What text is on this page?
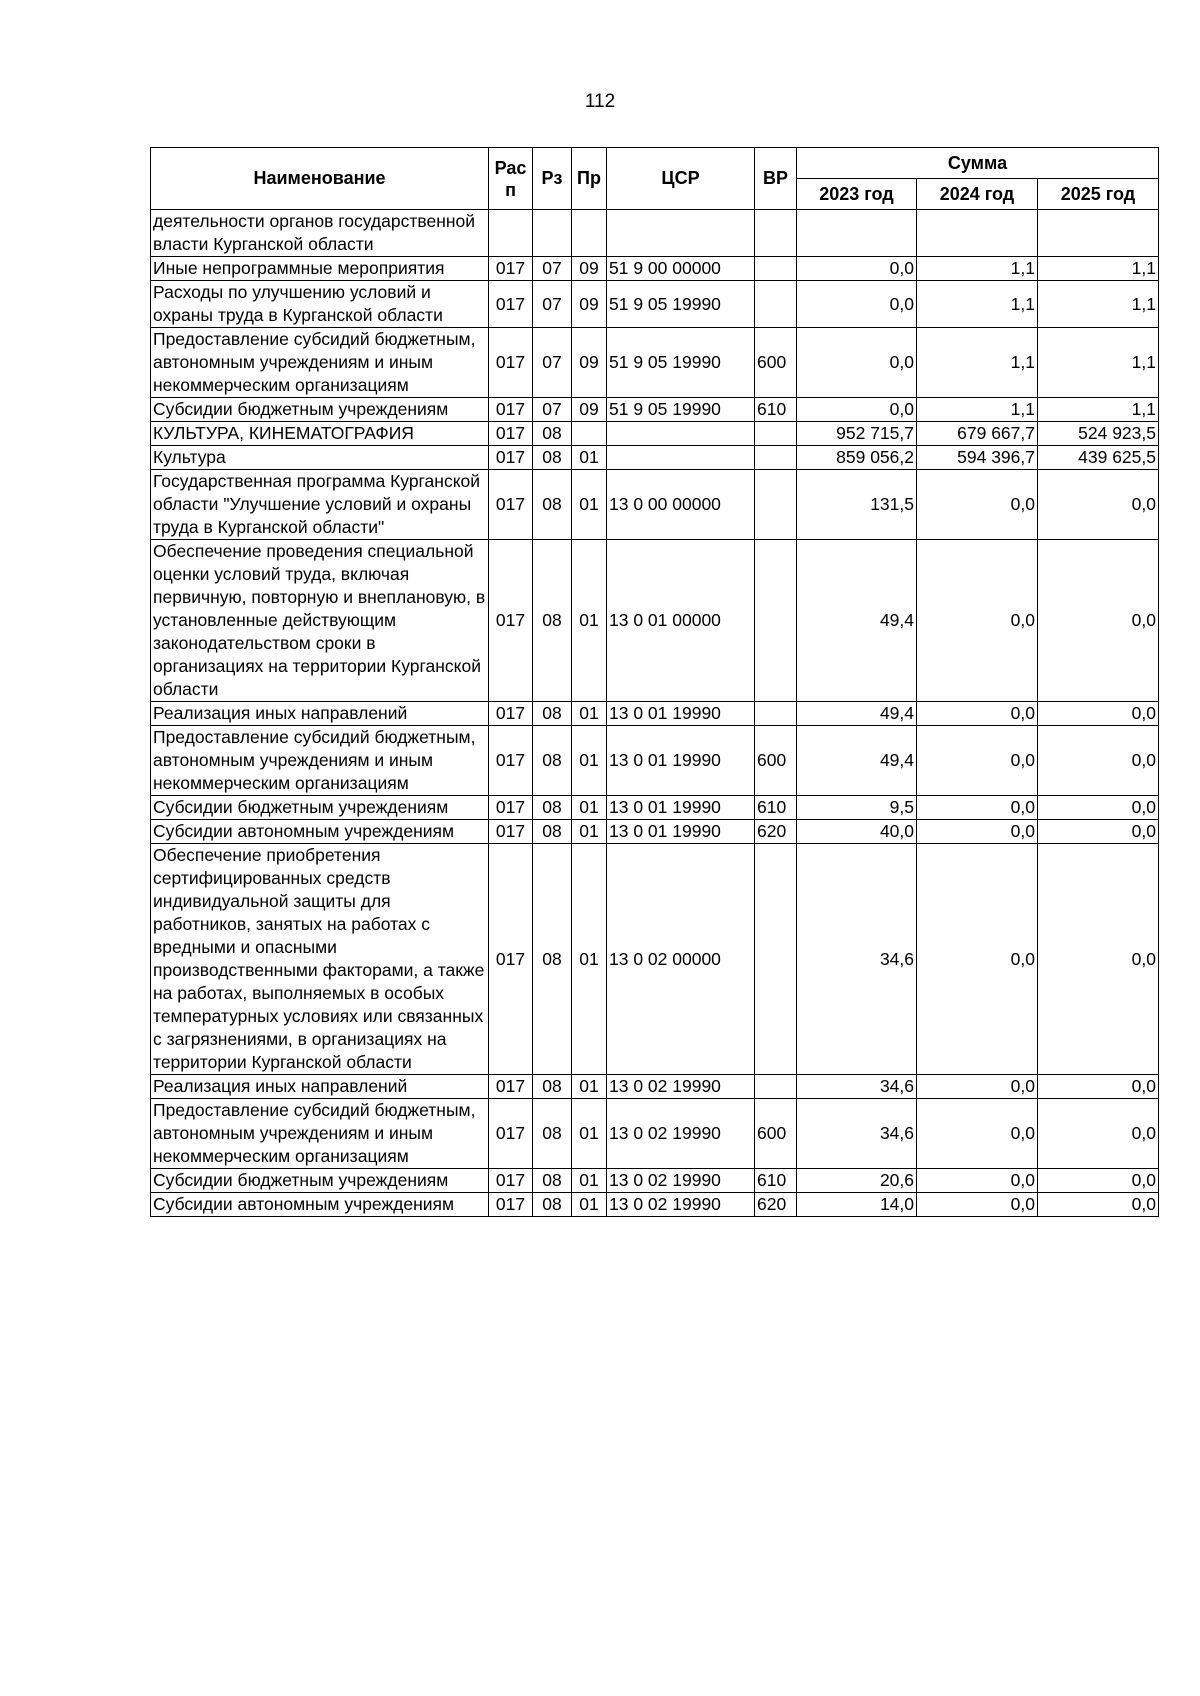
112
Наименование	Рас п	Рз	Пр	ЦСР	ВР	Сумма		
						2023 год	2024 год	2025 год
деятельности органов государственной власти Курганской области								
Иные непрограммные мероприятия	017	07	09	51 9 00 00000		0,0	1,1	1,1
Расходы по улучшению условий и охраны труда в Курганской области	017	07	09	51 9 05 19990		0,0	1,1	1,1
Предоставление субсидий бюджетным, автономным учреждениям и иным некоммерческим организациям	017	07	09	51 9 05 19990	600	0,0	1,1	1,1
Субсидии бюджетным учреждениям	017	07	09	51 9 05 19990	610	0,0	1,1	1,1
КУЛЬТУРА, КИНЕМАТОГРАФИЯ	017	08				952 715,7	679 667,7	524 923,5
Культура	017	08	01			859 056,2	594 396,7	439 625,5
Государственная программа Курганской области "Улучшение условий и охраны труда в Курганской области"	017	08	01	13 0 00 00000		131,5	0,0	0,0
Обеспечение проведения специальной оценки условий труда, включая первичную, повторную и внеплановую, в установленные действующим законодательством сроки в организациях на территории Курганской области	017	08	01	13 0 01 00000		49,4	0,0	0,0
Реализация иных направлений	017	08	01	13 0 01 19990		49,4	0,0	0,0
Предоставление субсидий бюджетным, автономным учреждениям и иным некоммерческим организациям	017	08	01	13 0 01 19990	600	49,4	0,0	0,0
Субсидии бюджетным учреждениям	017	08	01	13 0 01 19990	610	9,5	0,0	0,0
Субсидии автономным учреждениям	017	08	01	13 0 01 19990	620	40,0	0,0	0,0
Обеспечение приобретения сертифицированных средств индивидуальной защиты для работников, занятых на работах с вредными и опасными производственными факторами, а также на работах, выполняемых в особых температурных условиях или связанных с загрязнениями, в организациях на территории Курганской области	017	08	01	13 0 02 00000		34,6	0,0	0,0
Реализация иных направлений	017	08	01	13 0 02 19990		34,6	0,0	0,0
Предоставление субсидий бюджетным, автономным учреждениям и иным некоммерческим организациям	017	08	01	13 0 02 19990	600	34,6	0,0	0,0
Субсидии бюджетным учреждениям	017	08	01	13 0 02 19990	610	20,6	0,0	0,0
Субсидии автономным учреждениям	017	08	01	13 0 02 19990	620	14,0	0,0	0,0
